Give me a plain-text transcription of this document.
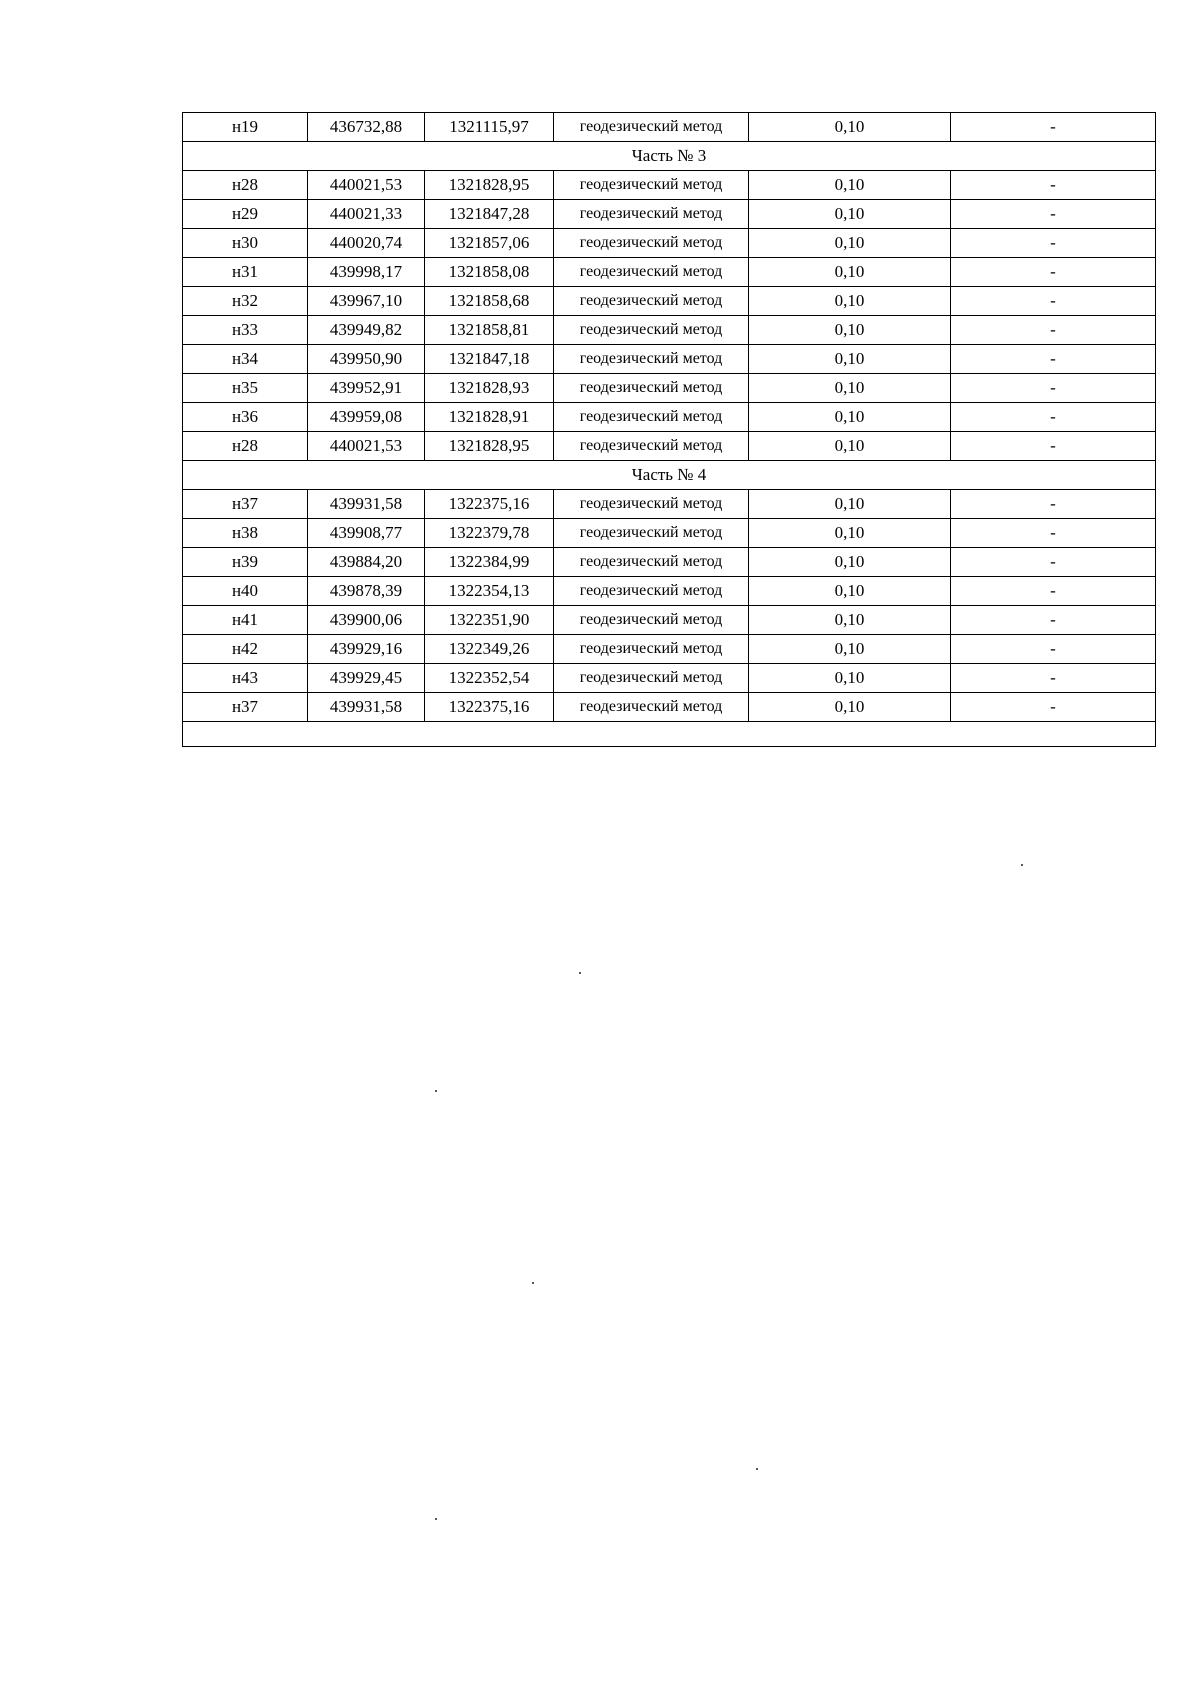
н19	436732,88	1321115,97	геодезический метод	0,10	-
Часть № 3					
н28	440021,53	1321828,95	геодезический метод	0,10	-
н29	440021,33	1321847,28	геодезический метод	0,10	-
н30	440020,74	1321857,06	геодезический метод	0,10	-
н31	439998,17	1321858,08	геодезический метод	0,10	-
н32	439967,10	1321858,68	геодезический метод	0,10	-
н33	439949,82	1321858,81	геодезический метод	0,10	-
н34	439950,90	1321847,18	геодезический метод	0,10	-
н35	439952,91	1321828,93	геодезический метод	0,10	-
н36	439959,08	1321828,91	геодезический метод	0,10	-
н28	440021,53	1321828,95	геодезический метод	0,10	-
Часть № 4					
н37	439931,58	1322375,16	геодезический метод	0,10	-
н38	439908,77	1322379,78	геодезический метод	0,10	-
н39	439884,20	1322384,99	геодезический метод	0,10	-
н40	439878,39	1322354,13	геодезический метод	0,10	-
н41	439900,06	1322351,90	геодезический метод	0,10	-
н42	439929,16	1322349,26	геодезический метод	0,10	-
н43	439929,45	1322352,54	геодезический метод	0,10	-
н37	439931,58	1322375,16	геодезический метод	0,10	-
